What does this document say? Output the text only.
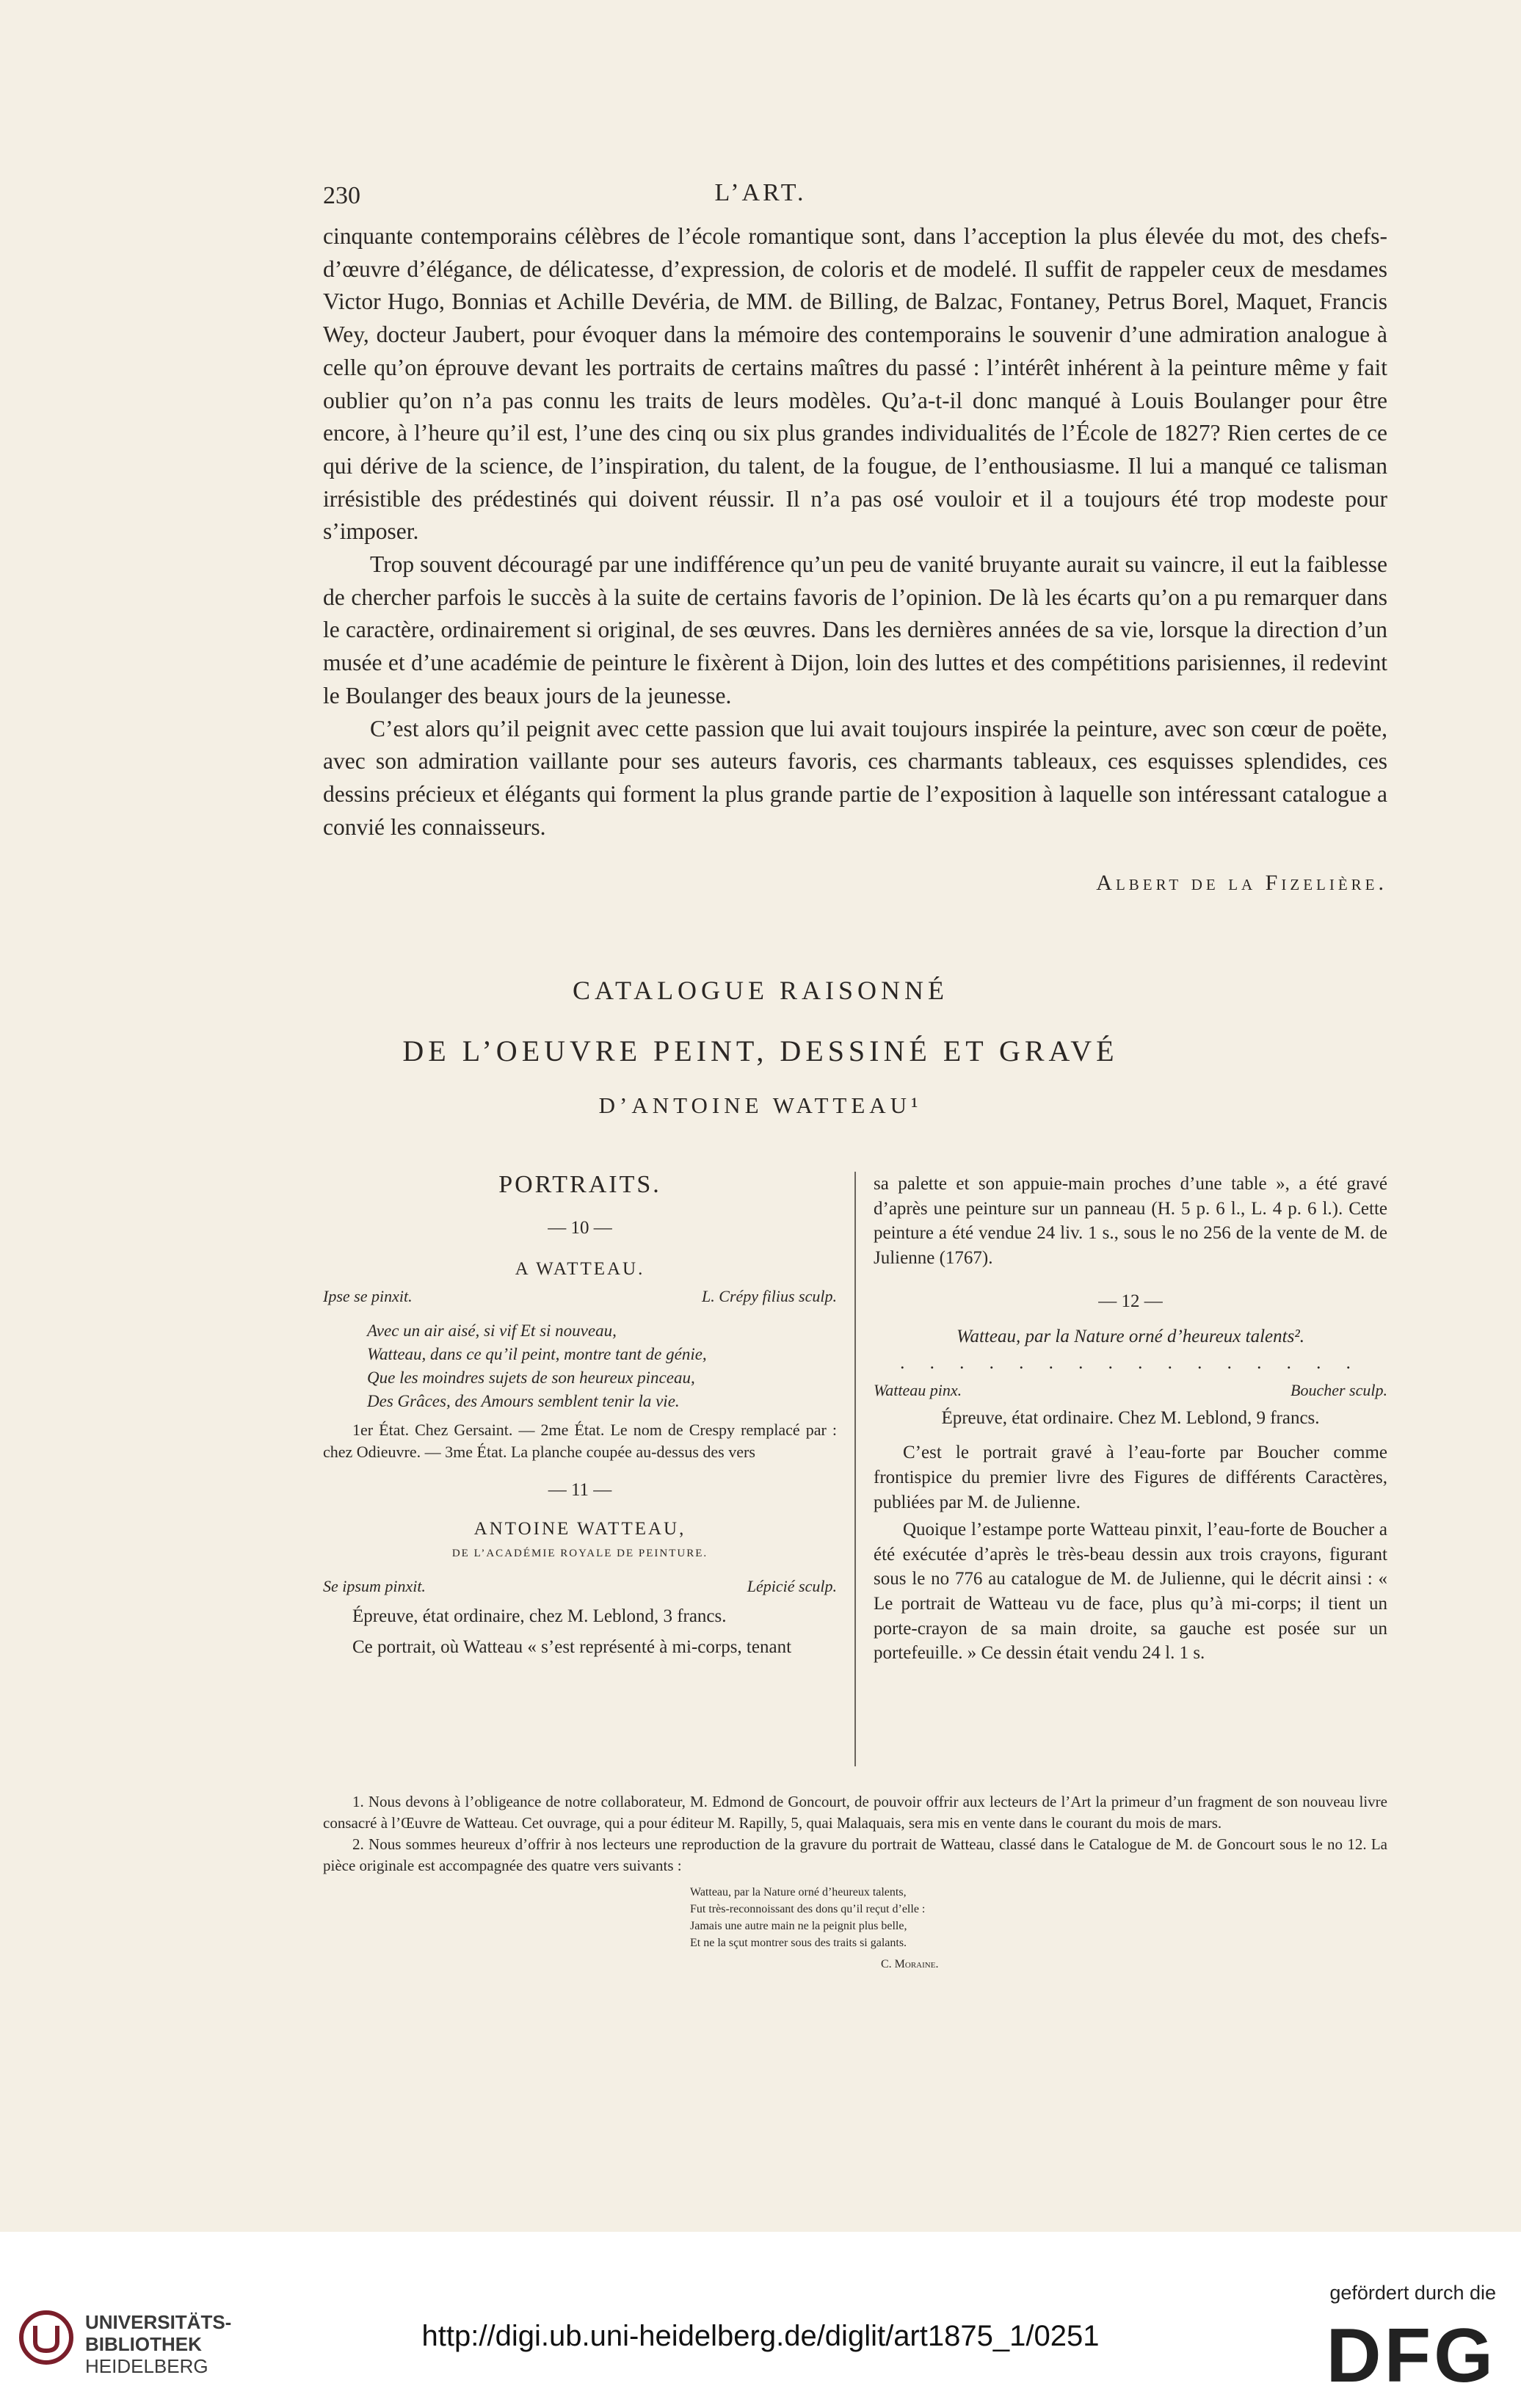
230	L’ART.

cinquante contemporains célèbres de l’école romantique sont, dans l’acception la plus élevée du mot, des chefs-d’œuvre d’élégance, de délicatesse, d’expression, de coloris et de modelé. Il suffit de rappeler ceux de mesdames Victor Hugo, Bonnias et Achille Devéria, de MM. de Billing, de Balzac, Fontaney, Petrus Borel, Maquet, Francis Wey, docteur Jaubert, pour évoquer dans la mémoire des contemporains le souvenir d’une admiration analogue à celle qu’on éprouve devant les portraits de certains maîtres du passé : l’intérêt inhérent à la peinture même y fait oublier qu’on n’a pas connu les traits de leurs modèles. Qu’a-t-il donc manqué à Louis Boulanger pour être encore, à l’heure qu’il est, l’une des cinq ou six plus grandes individualités de l’École de 1827? Rien certes de ce qui dérive de la science, de l’inspiration, du talent, de la fougue, de l’enthousiasme. Il lui a manqué ce talisman irrésistible des prédestinés qui doivent réussir. Il n’a pas osé vouloir et il a toujours été trop modeste pour s’imposer.

Trop souvent découragé par une indifférence qu’un peu de vanité bruyante aurait su vaincre, il eut la faiblesse de chercher parfois le succès à la suite de certains favoris de l’opinion. De là les écarts qu’on a pu remarquer dans le caractère, ordinairement si original, de ses œuvres. Dans les dernières années de sa vie, lorsque la direction d’un musée et d’une académie de peinture le fixèrent à Dijon, loin des luttes et des compétitions parisiennes, il redevint le Boulanger des beaux jours de la jeunesse.

C’est alors qu’il peignit avec cette passion que lui avait toujours inspirée la peinture, avec son cœur de poëte, avec son admiration vaillante pour ses auteurs favoris, ces charmants tableaux, ces esquisses splendides, ces dessins précieux et élégants qui forment la plus grande partie de l’exposition à laquelle son intéressant catalogue a convié les connaisseurs.

Albert de la Fizelière.
CATALOGUE RAISONNÉ
DE L’OEUVRE PEINT, DESSINÉ ET GRAVÉ
D’ANTOINE WATTEAU¹
PORTRAITS.
— 10 —
A WATTEAU.
Ipse se pinxit.	L. Crépy filius sculp.
Avec un air aisé, si vif Et si nouveau,
Watteau, dans ce qu’il peint, montre tant de génie,
Que les moindres sujets de son heureux pinceau,
Des Grâces, des Amours semblent tenir la vie.

1er État. Chez Gersaint. — 2me État. Le nom de Crespy remplacé par : chez Odieuvre. — 3me État. La planche coupée au-dessus des vers

— 11 —
ANTOINE WATTEAU,
DE L’ACADÉMIE ROYALE DE PEINTURE.
Se ipsum pinxit.	Lépicié sculp.

Épreuve, état ordinaire, chez M. Leblond, 3 francs.

Ce portrait, où Watteau « s’est représenté à mi-corps, tenant

sa palette et son appuie-main proches d’une table », a été gravé d’après une peinture sur un panneau (H. 5 p. 6 l., L. 4 p. 6 l.). Cette peinture a été vendue 24 liv. 1 s., sous le no 256 de la vente de M. de Julienne (1767).

— 12 —
Watteau, par la Nature orné d’heureux talents².
. . . . . . . . . . . . . . . .
Watteau pinx.	Boucher sculp.

Épreuve, état ordinaire. Chez M. Leblond, 9 francs.

C’est le portrait gravé à l’eau-forte par Boucher comme frontispice du premier livre des Figures de différents Caractères, publiées par M. de Julienne.

Quoique l’estampe porte Watteau pinxit, l’eau-forte de Boucher a été exécutée d’après le très-beau dessin aux trois crayons, figurant sous le no 776 au catalogue de M. de Julienne, qui le décrit ainsi : « Le portrait de Watteau vu de face, plus qu’à mi-corps; il tient un porte-crayon de sa main droite, sa gauche est posée sur un portefeuille. » Ce dessin était vendu 24 l. 1 s.

1. Nous devons à l’obligeance de notre collaborateur, M. Edmond de Goncourt, de pouvoir offrir aux lecteurs de l’Art la primeur d’un fragment de son nouveau livre consacré à l’Œuvre de Watteau. Cet ouvrage, qui a pour éditeur M. Rapilly, 5, quai Malaquais, sera mis en vente dans le courant du mois de mars.

2. Nous sommes heureux d’offrir à nos lecteurs une reproduction de la gravure du portrait de Watteau, classé dans le Catalogue de M. de Goncourt sous le no 12. La pièce originale est accompagnée des quatre vers suivants :

Watteau, par la Nature orné d’heureux talents,
Fut très-reconnoissant des dons qu’il reçut d’elle :
Jamais une autre main ne la peignit plus belle,
Et ne la sçut montrer sous des traits si galants.
C. Moraine.
UNIVERSITÄTS-
BIBLIOTHEK
HEIDELBERG
http://digi.ub.uni-heidelberg.de/diglit/art1875_1/0251
gefördert durch die
DFG
